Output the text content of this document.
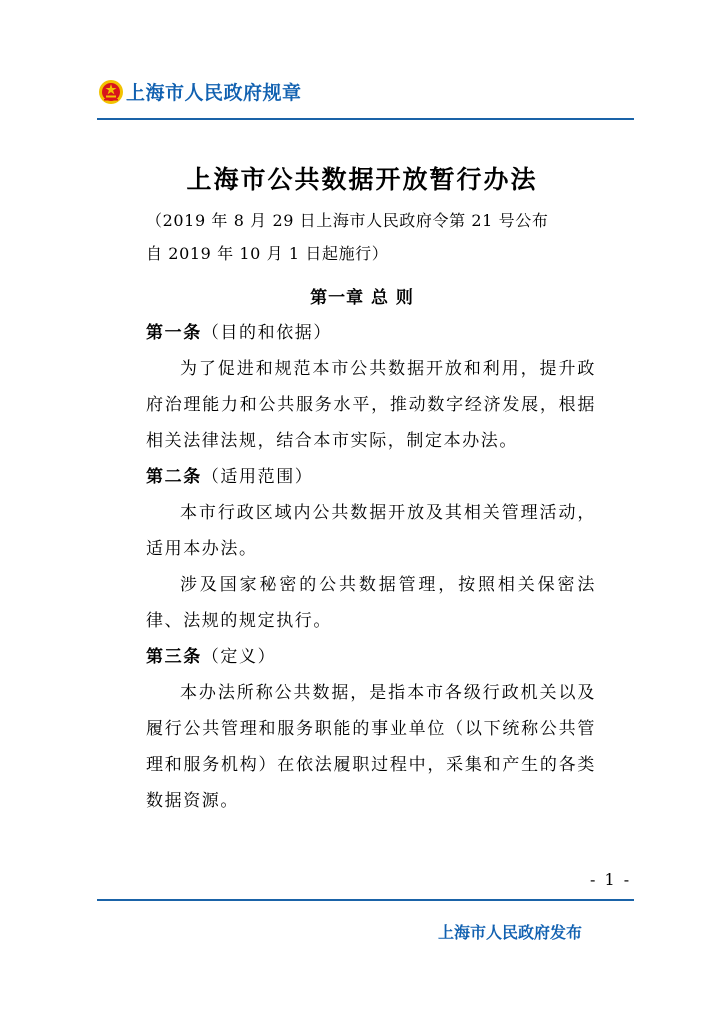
上海市人民政府规章
上海市公共数据开放暂行办法
（2019 年 8 月 29 日上海市人民政府令第 21 号公布
自 2019 年 10 月 1 日起施行）
第一章 总 则
第一条（目的和依据）

为了促进和规范本市公共数据开放和利用，提升政府治理能力和公共服务水平，推动数字经济发展，根据相关法律法规，结合本市实际，制定本办法。

第二条（适用范围）

本市行政区域内公共数据开放及其相关管理活动，适用本办法。

涉及国家秘密的公共数据管理，按照相关保密法律、法规的规定执行。

第三条（定义）

本办法所称公共数据，是指本市各级行政机关以及履行公共管理和服务职能的事业单位（以下统称公共管理和服务机构）在依法履职过程中，采集和产生的各类数据资源。

- 1 -
上海市人民政府发布
